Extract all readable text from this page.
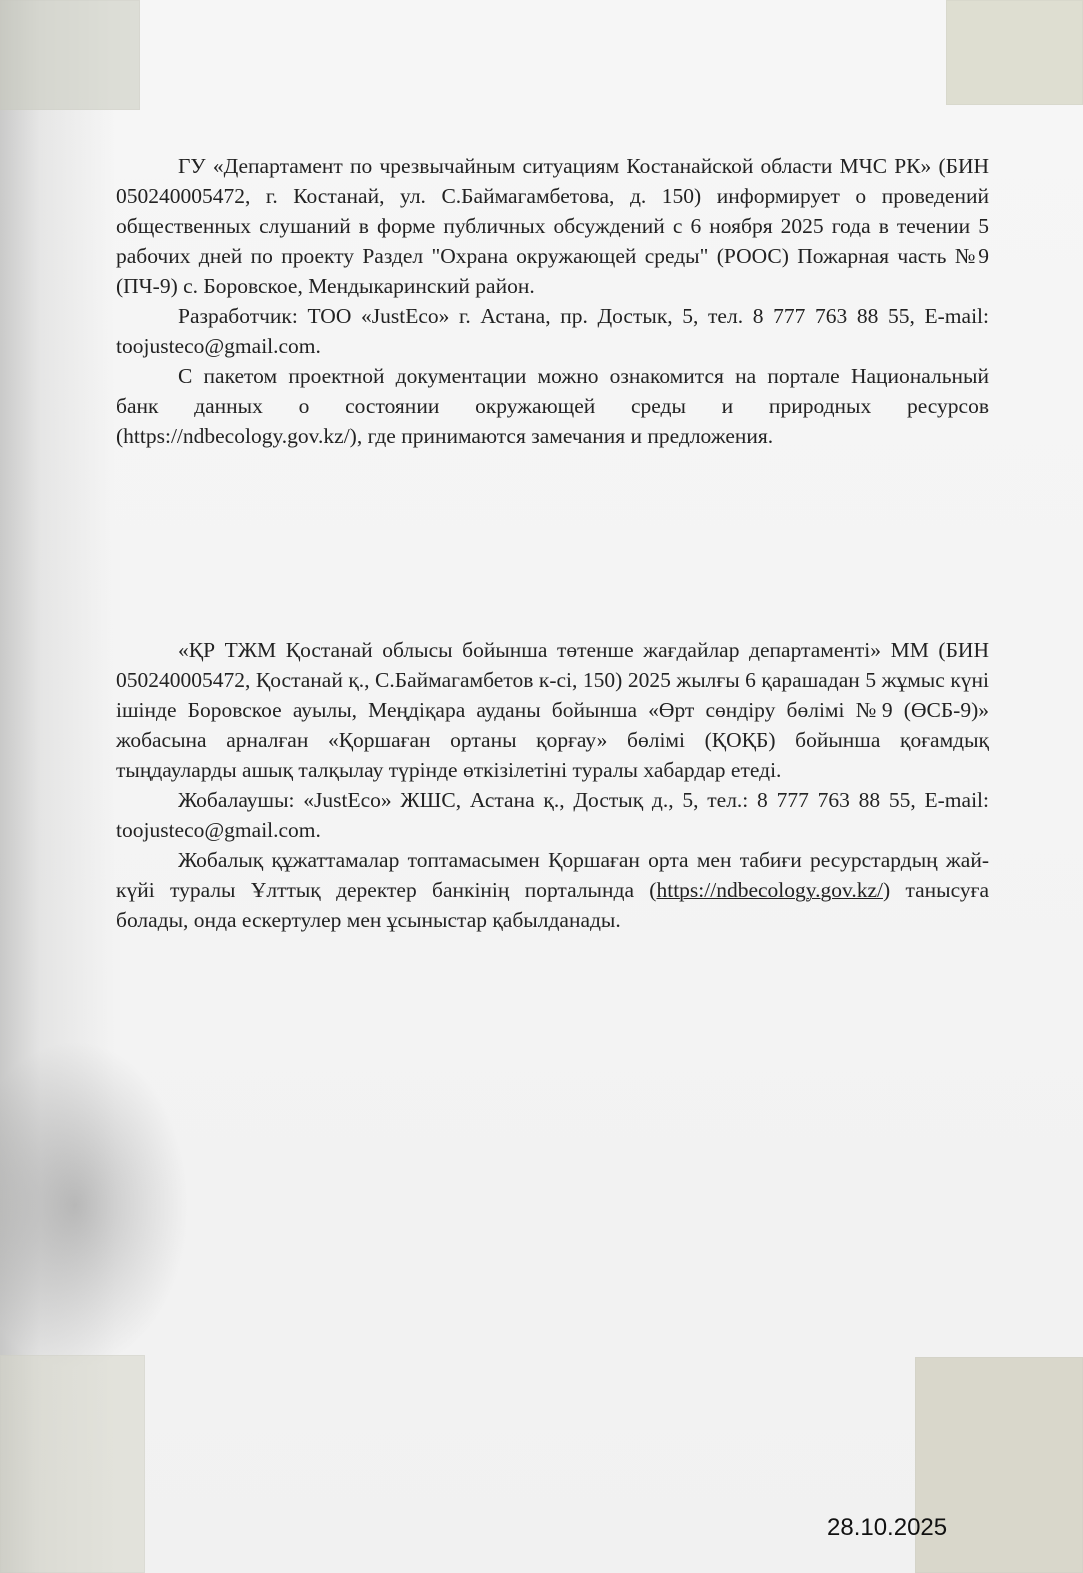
ГУ «Департамент по чрезвычайным ситуациям Костанайской области МЧС РК» (БИН 050240005472, г. Костанай, ул. С.Баймагамбетова, д. 150) информирует о проведений общественных слушаний в форме публичных обсуждений с 6 ноября 2025 года в течении 5 рабочих дней по проекту Раздел "Охрана окружающей среды" (РООС) Пожарная часть №9 (ПЧ-9) с. Боровское, Мендыкаринский район.

Разработчик: ТОО «JustEco» г. Астана, пр. Достык, 5, тел. 8 777 763 88 55, E-mail: toojusteco@gmail.com.

С пакетом проектной документации можно ознакомится на портале Национальный банк данных о состоянии окружающей среды и природных ресурсов (https://ndbecology.gov.kz/), где принимаются замечания и предложения.

«ҚР ТЖМ Қостанай облысы бойынша төтенше жағдайлар департаменті» ММ (БИН 050240005472, Қостанай қ., С.Баймагамбетов к-сі, 150) 2025 жылғы 6 қарашадан 5 жұмыс күні ішінде Боровское ауылы, Меңдіқара ауданы бойынша «Өрт сөндіру бөлімі №9 (ӨСБ-9)» жобасына арналған «Қоршаған ортаны қорғау» бөлімі (ҚОҚБ) бойынша қоғамдық тыңдауларды ашық талқылау түрінде өткізілетіні туралы хабардар етеді.

Жобалаушы: «JustEco» ЖШС, Астана қ., Достық д., 5, тел.: 8 777 763 88 55, E-mail: toojusteco@gmail.com.

Жобалық құжаттамалар топтамасымен Қоршаған орта мен табиғи ресурстардың жай-күйі туралы Ұлттық деректер банкінің порталында (https://ndbecology.gov.kz/) танысуға болады, онда ескертулер мен ұсыныстар қабылданады.

28.10.2025
